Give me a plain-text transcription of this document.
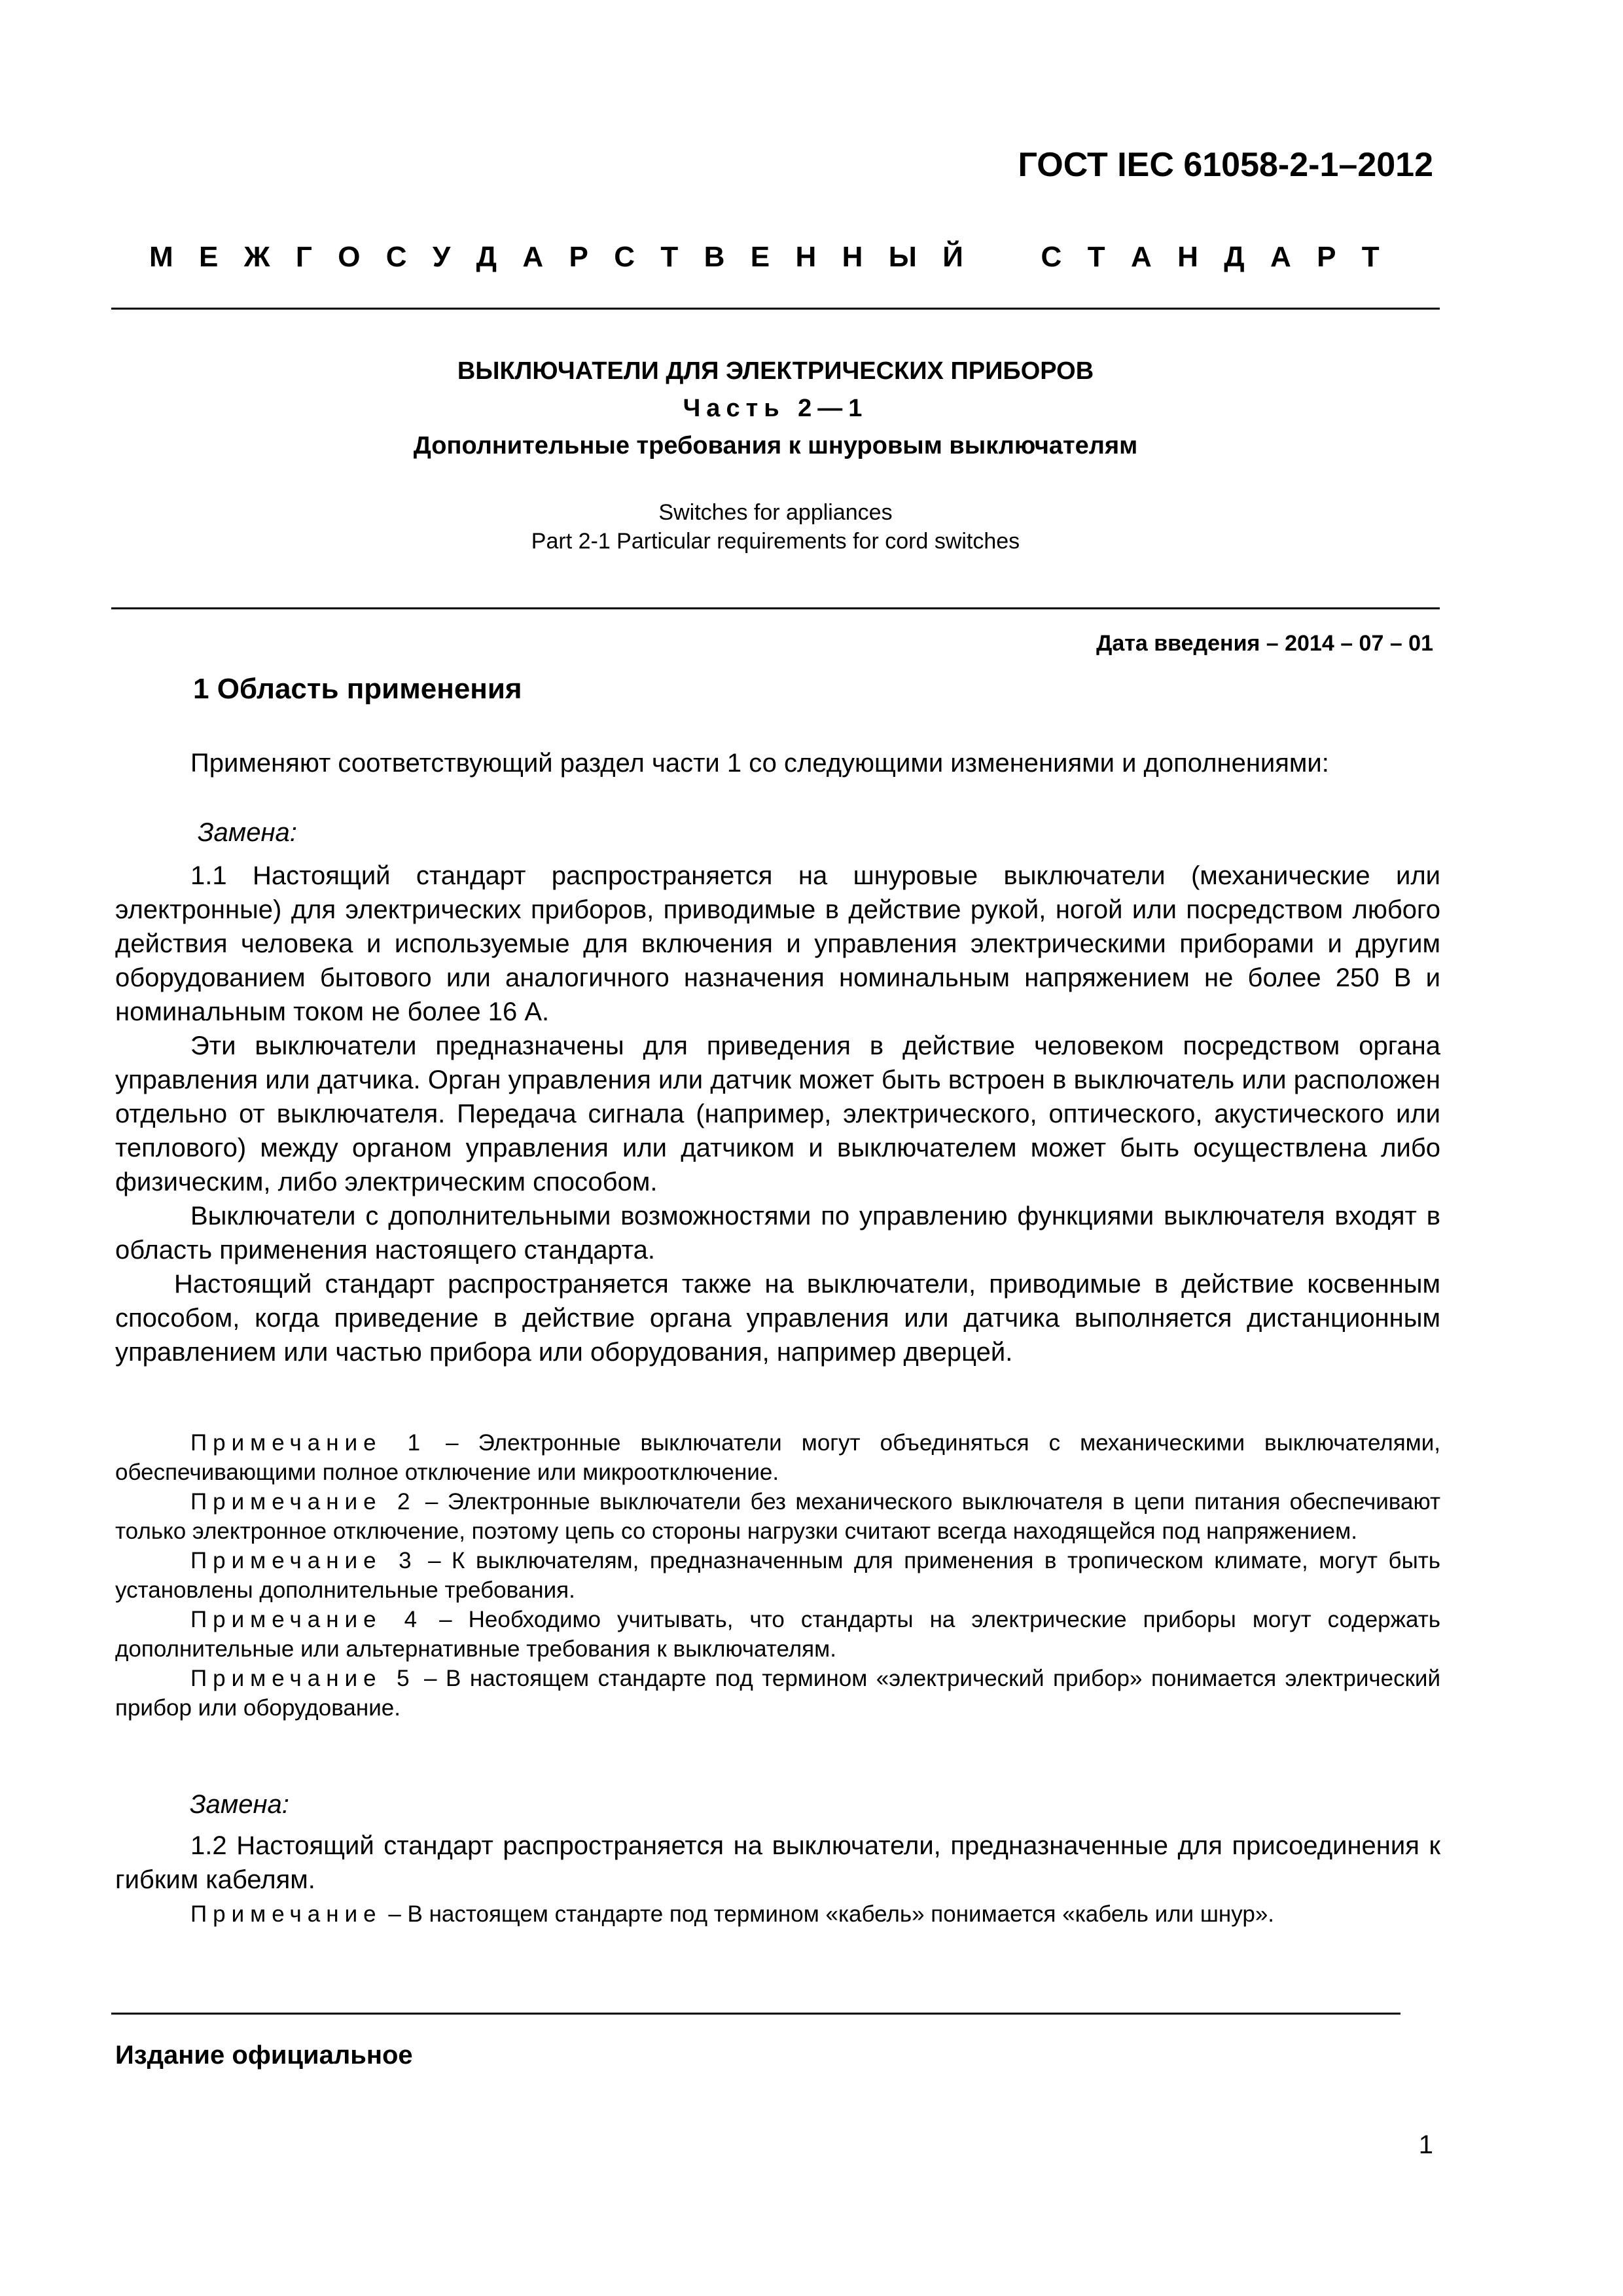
ГОСТ IEC 61058-2-1–2012
М Е Ж Г О С У Д А Р С Т В Е Н Н Ы Й	С Т А Н Д А Р Т
ВЫКЛЮЧАТЕЛИ ДЛЯ ЭЛЕКТРИЧЕСКИХ ПРИБОРОВ
Часть 2—1
Дополнительные требования к шнуровым выключателям
Switches for appliances
Part 2-1 Particular requirements for cord switches
Дата введения – 2014 – 07 – 01
1 Область применения

Применяют соответствующий раздел части 1 со следующими изменениями и дополнениями:

Замена:

1.1 Настоящий стандарт распространяется на шнуровые выключатели (механические или электронные) для электрических приборов, приводимые в действие рукой, ногой или посредством любого действия человека и используемые для включения и управления электрическими приборами и другим оборудованием бытового или аналогичного назначения номинальным напряжением не более 250 В и номинальным током не более 16 А.

Эти выключатели предназначены для приведения в действие человеком посредством органа управления или датчика. Орган управления или датчик может быть встроен в выключатель или расположен отдельно от выключателя. Передача сигнала (например, электрического, оптического, акустического или теплового) между органом управления или датчиком и выключателем может быть осуществлена либо физическим, либо электрическим способом.

Выключатели с дополнительными возможностями по управлению функциями выключателя входят в область применения настоящего стандарта.

Настоящий стандарт распространяется также на выключатели, приводимые в действие косвенным способом, когда приведение в действие органа управления или датчика выполняется дистанционным управлением или частью прибора или оборудования, например дверцей.

Примечание 1 – Электронные выключатели могут объединяться с механическими выключателями, обеспечивающими полное отключение или микроотключение.

Примечание 2 – Электронные выключатели без механического выключателя в цепи питания обеспечивают только электронное отключение, поэтому цепь со стороны нагрузки считают всегда находящейся под напряжением.

Примечание 3 – К выключателям, предназначенным для применения в тропическом климате, могут быть установлены дополнительные требования.

Примечание 4 – Необходимо учитывать, что стандарты на электрические приборы могут содержать дополнительные или альтернативные требования к выключателям.

Примечание 5 – В настоящем стандарте под термином «электрический прибор» понимается электрический прибор или оборудование.

Замена:

1.2 Настоящий стандарт распространяется на выключатели, предназначенные для присоединения к гибким кабелям.

Примечание – В настоящем стандарте под термином «кабель» понимается «кабель или шнур».

Издание официальное
1
